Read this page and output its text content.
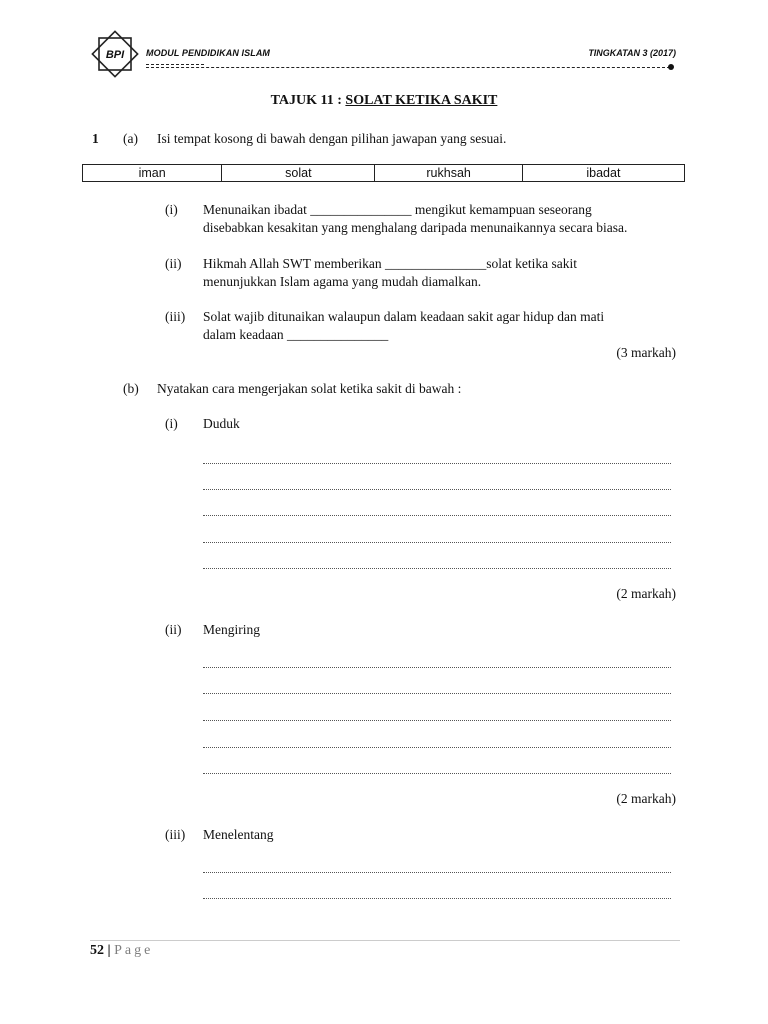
BPI MODUL PENDIDIKAN ISLAM	TINGKATAN 3 (2017)
TAJUK 11 : SOLAT KETIKA SAKIT
1 (a) Isi tempat kosong di bawah dengan pilihan jawapan yang sesuai.
iman	solat	rukhsah	ibadat
(i) Menunaikan ibadat _______________ mengikut kemampuan seseorang
disebabkan kesakitan yang menghalang daripada menunaikannya secara biasa.
(ii) Hikmah Allah SWT memberikan _______________solat ketika sakit
menunjukkan Islam agama yang mudah diamalkan.
(iii) Solat wajib ditunaikan walaupun dalam keadaan sakit agar hidup dan mati
dalam keadaan _______________
(3 markah)
(b) Nyatakan cara mengerjakan solat ketika sakit di bawah :
(i) Duduk
(2 markah)
(ii) Mengiring
(2 markah)
(iii) Menelentang
52 | Page
